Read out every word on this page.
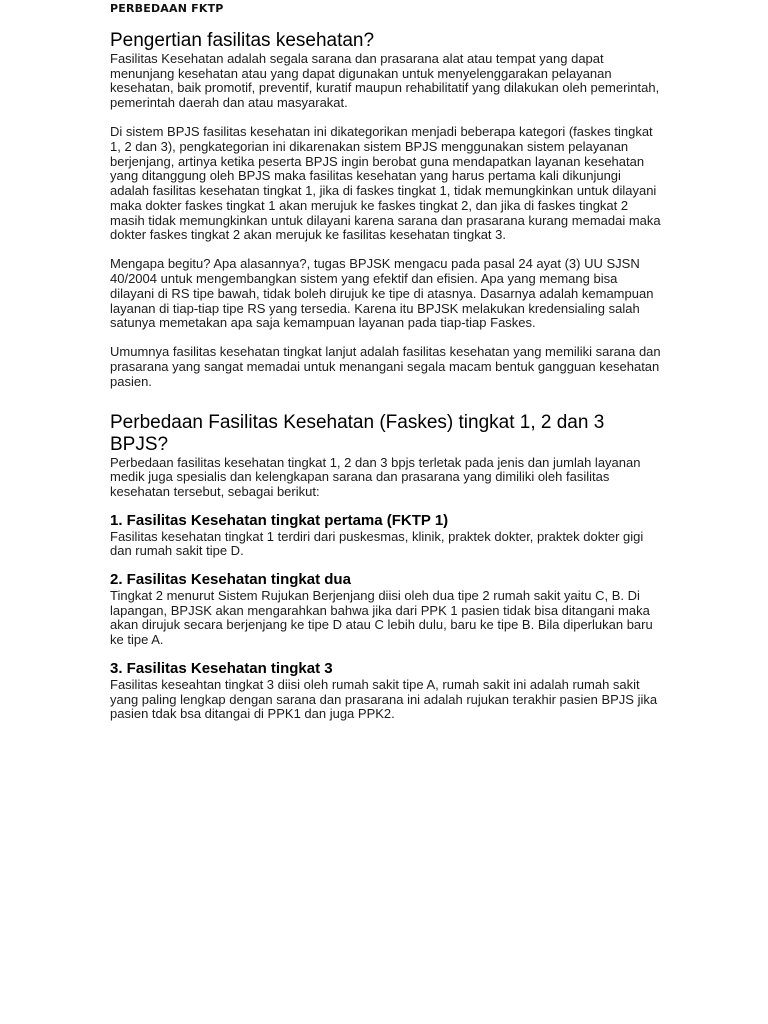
PERBEDAAN FKTP
Pengertian fasilitas kesehatan?

Fasilitas Kesehatan adalah segala sarana dan prasarana alat atau tempat yang dapat menunjang kesehatan atau yang dapat digunakan untuk menyelenggarakan pelayanan kesehatan, baik promotif, preventif, kuratif maupun rehabilitatif yang dilakukan oleh pemerintah, pemerintah daerah dan atau masyarakat.

Di sistem BPJS fasilitas kesehatan ini dikategorikan menjadi beberapa kategori (faskes tingkat 1, 2 dan 3), pengkategorian ini dikarenakan sistem BPJS menggunakan sistem pelayanan berjenjang, artinya ketika peserta BPJS ingin berobat guna mendapatkan layanan kesehatan yang ditanggung oleh BPJS maka fasilitas kesehatan yang harus pertama kali dikunjungi adalah fasilitas kesehatan tingkat 1, jika di faskes tingkat 1, tidak memungkinkan untuk dilayani maka dokter faskes tingkat 1 akan merujuk ke faskes tingkat 2, dan jika di faskes tingkat 2 masih tidak memungkinkan untuk dilayani karena sarana dan prasarana kurang memadai maka dokter faskes tingkat 2 akan merujuk ke fasilitas kesehatan tingkat 3.

Mengapa begitu? Apa alasannya?, tugas BPJSK mengacu pada pasal 24 ayat (3) UU SJSN 40/2004 untuk mengembangkan sistem yang efektif dan efisien. Apa yang memang bisa dilayani di RS tipe bawah, tidak boleh dirujuk ke tipe di atasnya. Dasarnya adalah kemampuan layanan di tiap-tiap tipe RS yang tersedia. Karena itu BPJSK melakukan kredensialing salah satunya memetakan apa saja kemampuan layanan pada tiap-tiap Faskes.

Umumnya fasilitas kesehatan tingkat lanjut adalah fasilitas kesehatan yang memiliki sarana dan prasarana yang sangat memadai untuk menangani segala macam bentuk gangguan kesehatan pasien.

Perbedaan Fasilitas Kesehatan (Faskes) tingkat 1, 2 dan 3 BPJS?

Perbedaan fasilitas kesehatan tingkat 1, 2 dan 3 bpjs terletak pada jenis dan jumlah layanan medik juga spesialis dan kelengkapan sarana dan prasarana yang dimiliki oleh fasilitas kesehatan tersebut, sebagai berikut:

1. Fasilitas Kesehatan tingkat pertama (FKTP 1)

Fasilitas kesehatan tingkat 1 terdiri dari puskesmas, klinik, praktek dokter, praktek dokter gigi dan rumah sakit tipe D.

2. Fasilitas Kesehatan tingkat dua

Tingkat 2 menurut Sistem Rujukan Berjenjang diisi oleh dua tipe 2 rumah sakit yaitu C, B. Di lapangan, BPJSK akan mengarahkan bahwa jika dari PPK 1 pasien tidak bisa ditangani maka akan dirujuk secara berjenjang ke tipe D atau C lebih dulu, baru ke tipe B. Bila diperlukan baru ke tipe A.

3. Fasilitas Kesehatan tingkat 3

Fasilitas keseahtan tingkat 3 diisi oleh rumah sakit tipe A, rumah sakit ini adalah rumah sakit yang paling lengkap dengan sarana dan prasarana ini adalah rujukan terakhir pasien BPJS jika pasien tdak bsa ditangai di PPK1 dan juga PPK2.
